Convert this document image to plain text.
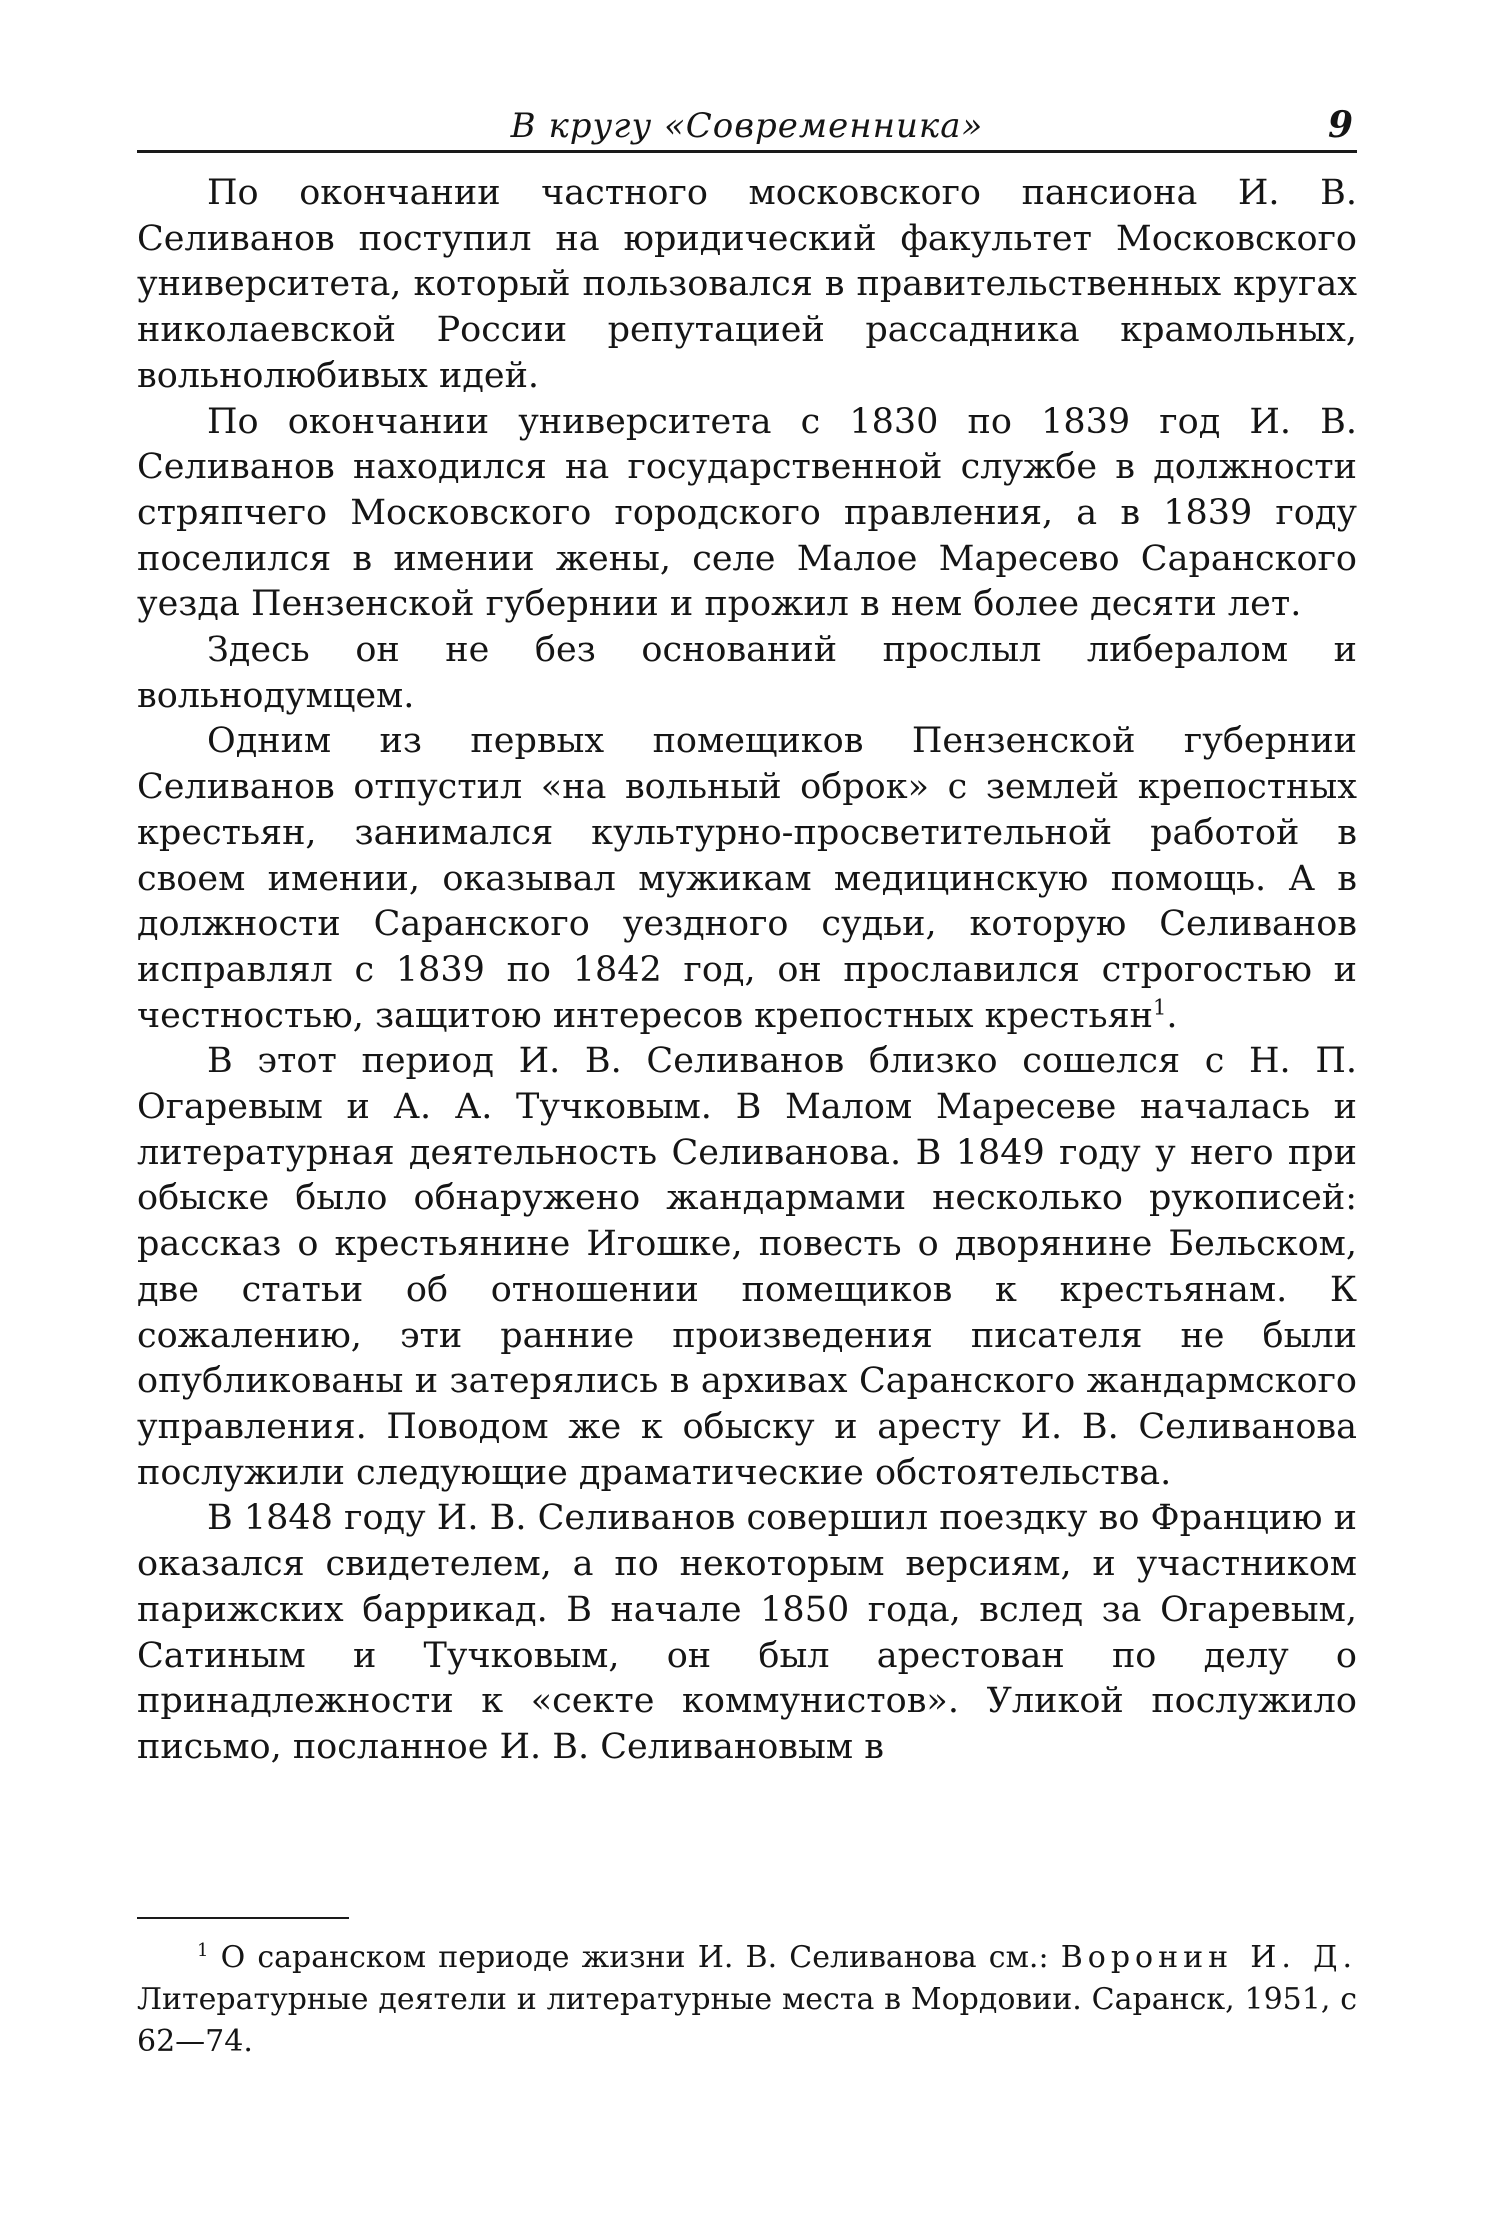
В кругу «Современника»	9

По окончании частного московского пансиона И. В. Селиванов поступил на юридический факультет Московского университета, который пользовался в правительственных кругах николаевской России репутацией рассадника крамольных, вольнолюбивых идей.

По окончании университета с 1830 по 1839 год И. В. Селиванов находился на государственной службе в должности стряпчего Московского городского правления, а в 1839 году поселился в имении жены, селе Малое Маресево Саранского уезда Пензенской губернии и прожил в нем более десяти лет.

Здесь он не без оснований прослыл либералом и вольнодумцем.

Одним из первых помещиков Пензенской губернии Селиванов отпустил «на вольный оброк» с землей крепостных крестьян, занимался культурно-просветительной работой в своем имении, оказывал мужикам медицинскую помощь. А в должности Саранского уездного судьи, которую Селиванов исправлял с 1839 по 1842 год, он прославился строгостью и честностью, защитою интересов крепостных крестьян$^1$.

В этот период И. В. Селиванов близко сошелся с Н. П. Огаревым и А. А. Тучковым. В Малом Маресеве началась и литературная деятельность Селиванова. В 1849 году у него при обыске было обнаружено жандармами несколько рукописей: рассказ о крестьянине Игошке, повесть о дворянине Бельском, две статьи об отношении помещиков к крестьянам. К сожалению, эти ранние произведения писателя не были опубликованы и затерялись в архивах Саранского жандармского управления. Поводом же к обыску и аресту И. В. Селиванова послужили следующие драматические обстоятельства.

В 1848 году И. В. Селиванов совершил поездку во Францию и оказался свидетелем, а по некоторым версиям, и участником парижских баррикад. В начале 1850 года, вслед за Огаревым, Сатиным и Тучковым, он был арестован по делу о принадлежности к «секте коммунистов». Уликой послужило письмо, посланное И. В. Селивановым в

$^1$ О саранском периоде жизни И. В. Селиванова см.: Воронин И. Д. Литературные деятели и литературные места в Мордовии. Саранск, 1951, с 62—74.
